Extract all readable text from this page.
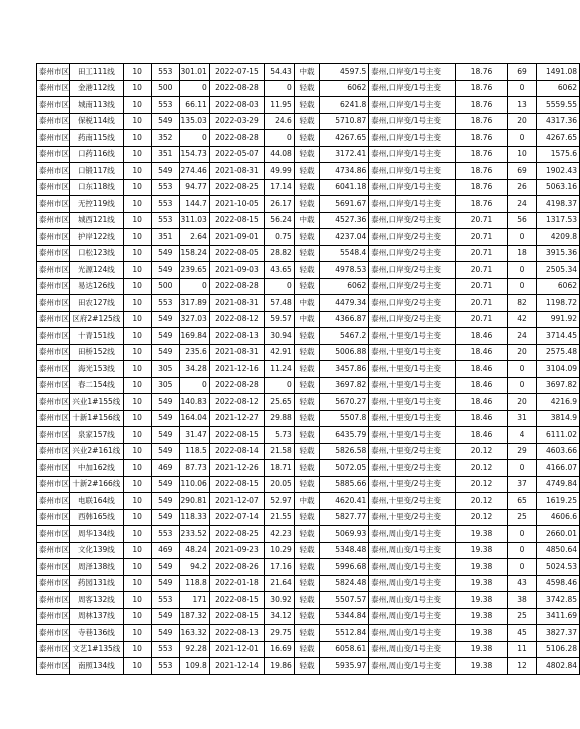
泰州市区	田工111线	10	553	301.01	2022-07-15	54.43	中载	4597.5	泰州,口岸变/1号主变	18.76	69	1491.08
泰州市区	金港112线	10	500	0	2022-08-28	0	轻载	6062	泰州,口岸变/1号主变	18.76	0	6062
泰州市区	城南113线	10	553	66.11	2022-08-03	11.95	轻载	6241.8	泰州,口岸变/1号主变	18.76	13	5559.55
泰州市区	保税114线	10	549	135.03	2022-03-29	24.6	轻载	5710.87	泰州,口岸变/1号主变	18.76	20	4317.36
泰州市区	药南115线	10	352	0	2022-08-28	0	轻载	4267.65	泰州,口岸变/1号主变	18.76	0	4267.65
泰州市区	口药116线	10	351	154.73	2022-05-07	44.08	轻载	3172.41	泰州,口岸变/1号主变	18.76	10	1575.6
泰州市区	口锻117线	10	549	274.46	2021-08-31	49.99	轻载	4734.86	泰州,口岸变/1号主变	18.76	69	1902.43
泰州市区	口东118线	10	553	94.77	2022-08-25	17.14	轻载	6041.18	泰州,口岸变/1号主变	18.76	26	5063.16
泰州市区	无控119线	10	553	144.7	2021-10-05	26.17	轻载	5691.67	泰州,口岸变/1号主变	18.76	24	4198.37
泰州市区	城西121线	10	553	311.03	2022-08-15	56.24	中载	4527.36	泰州,口岸变/2号主变	20.71	56	1317.53
泰州市区	护岸122线	10	351	2.64	2021-09-01	0.75	轻载	4237.04	泰州,口岸变/2号主变	20.71	0	4209.8
泰州市区	口松123线	10	549	158.24	2022-08-05	28.82	轻载	5548.4	泰州,口岸变/2号主变	20.71	18	3915.36
泰州市区	光源124线	10	549	239.65	2021-09-03	43.65	轻载	4978.53	泰州,口岸变/2号主变	20.71	0	2505.34
泰州市区	易达126线	10	500	0	2022-08-28	0	轻载	6062	泰州,口岸变/2号主变	20.71	0	6062
泰州市区	田农127线	10	553	317.89	2021-08-31	57.48	中载	4479.34	泰州,口岸变/2号主变	20.71	82	1198.72
泰州市区	区府2#125线	10	549	327.03	2022-08-12	59.57	中载	4366.87	泰州,口岸变/2号主变	20.71	42	991.92
泰州市区	十青151线	10	549	169.84	2022-08-13	30.94	轻载	5467.2	泰州,十里变/1号主变	18.46	24	3714.45
泰州市区	田桥152线	10	549	235.6	2021-08-31	42.91	轻载	5006.88	泰州,十里变/1号主变	18.46	20	2575.48
泰州市区	海光153线	10	305	34.28	2021-12-16	11.24	轻载	3457.86	泰州,十里变/1号主变	18.46	0	3104.09
泰州市区	春二154线	10	305	0	2022-08-28	0	轻载	3697.82	泰州,十里变/1号主变	18.46	0	3697.82
泰州市区	兴业1#155线	10	549	140.83	2022-08-12	25.65	轻载	5670.27	泰州,十里变/1号主变	18.46	20	4216.9
泰州市区	十新1#156线	10	549	164.04	2021-12-27	29.88	轻载	5507.8	泰州,十里变/1号主变	18.46	31	3814.9
泰州市区	泉家157线	10	549	31.47	2022-08-15	5.73	轻载	6435.79	泰州,十里变/1号主变	18.46	4	6111.02
泰州市区	兴业2#161线	10	549	118.5	2022-08-14	21.58	轻载	5826.58	泰州,十里变/2号主变	20.12	29	4603.66
泰州市区	中加162线	10	469	87.73	2021-12-26	18.71	轻载	5072.05	泰州,十里变/2号主变	20.12	0	4166.07
泰州市区	十新2#166线	10	549	110.06	2022-08-15	20.05	轻载	5885.66	泰州,十里变/2号主变	20.12	37	4749.84
泰州市区	电联164线	10	549	290.81	2021-12-07	52.97	中载	4620.41	泰州,十里变/2号主变	20.12	65	1619.25
泰州市区	西韩165线	10	549	118.33	2022-07-14	21.55	轻载	5827.77	泰州,十里变/2号主变	20.12	25	4606.6
泰州市区	周华134线	10	553	233.52	2022-08-25	42.23	轻载	5069.93	泰州,周山变/1号主变	19.38	0	2660.01
泰州市区	文化139线	10	469	48.24	2021-09-23	10.29	轻载	5348.48	泰州,周山变/1号主变	19.38	0	4850.64
泰州市区	周泽138线	10	549	94.2	2022-08-26	17.16	轻载	5996.68	泰州,周山变/1号主变	19.38	0	5024.53
泰州市区	药园131线	10	549	118.8	2022-01-18	21.64	轻载	5824.48	泰州,周山变/1号主变	19.38	43	4598.46
泰州市区	周客132线	10	553	171	2022-08-15	30.92	轻载	5507.57	泰州,周山变/1号主变	19.38	38	3742.85
泰州市区	周林137线	10	549	187.32	2022-08-15	34.12	轻载	5344.84	泰州,周山变/1号主变	19.38	25	3411.69
泰州市区	寺巷136线	10	549	163.32	2022-08-13	29.75	轻载	5512.84	泰州,周山变/1号主变	19.38	45	3827.37
泰州市区	文艺1#135线	10	553	92.28	2021-12-01	16.69	轻载	6058.61	泰州,周山变/1号主变	19.38	11	5106.28
泰州市区	南照134线	10	553	109.8	2021-12-14	19.86	轻载	5935.97	泰州,周山变/1号主变	19.38	12	4802.84
